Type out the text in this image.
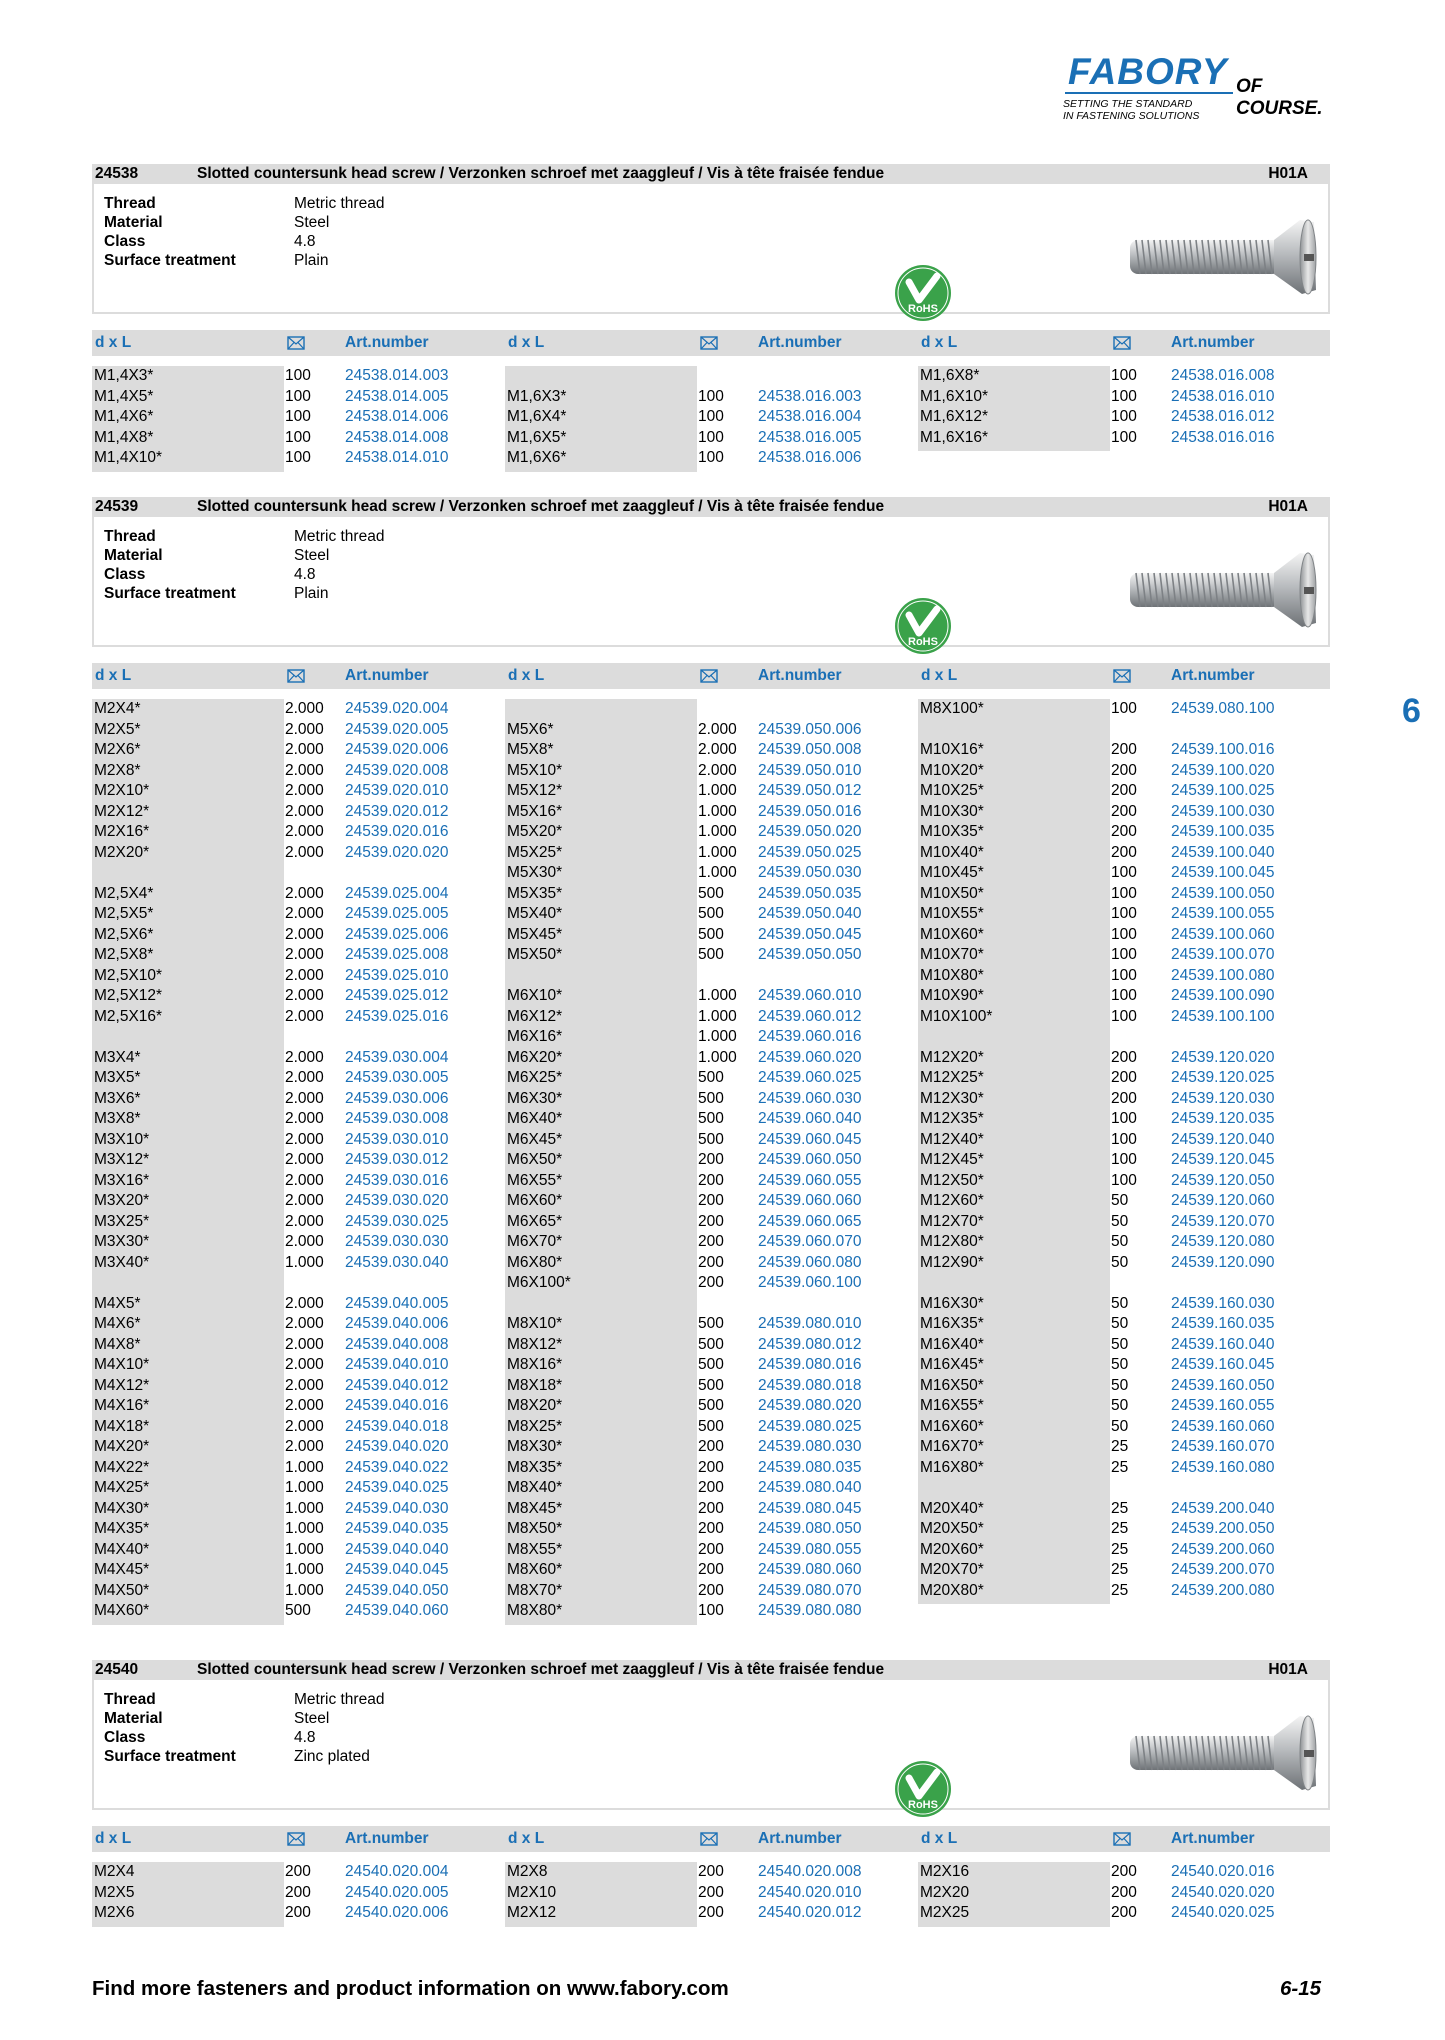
FABORY OF COURSE.
SETTING THE STANDARD
IN FASTENING SOLUTIONS
6
24538	Slotted countersunk head screw / Verzonken schroef met zaaggleuf / Vis à tête fraisée fendue	H01A
Thread	Metric thread
Material	Steel
Class	4.8
Surface treatment	Plain
RoHS
d x L	Art.number	d x L	Art.number	d x L	Art.number
M1,4X3*	100 24538.014.003
M1,4X5*	100 24538.014.005
M1,4X6*	100 24538.014.006
M1,4X8*	100 24538.014.008
M1,4X10*	100 24538.014.010
M1,6X3*	100 24538.016.003
M1,6X4*	100 24538.016.004
M1,6X5*	100 24538.016.005
M1,6X6*	100 24538.016.006
M1,6X8*	100 24538.016.008
M1,6X10*	100 24538.016.010
M1,6X12*	100 24538.016.012
M1,6X16*	100 24538.016.016
24539	Slotted countersunk head screw / Verzonken schroef met zaaggleuf / Vis à tête fraisée fendue	H01A
Thread	Metric thread
Material	Steel
Class	4.8
Surface treatment	Plain
RoHS
d x L	Art.number	d x L	Art.number	d x L	Art.number
M2X4*	2.000 24539.020.004
M2X5*	2.000 24539.020.005
M2X6*	2.000 24539.020.006
M2X8*	2.000 24539.020.008
M2X10*	2.000 24539.020.010
M2X12*	2.000 24539.020.012
M2X16*	2.000 24539.020.016
M2X20*	2.000 24539.020.020
M2,5X4*	2.000 24539.025.004
M2,5X5*	2.000 24539.025.005
M2,5X6*	2.000 24539.025.006
M2,5X8*	2.000 24539.025.008
M2,5X10*	2.000 24539.025.010
M2,5X12*	2.000 24539.025.012
M2,5X16*	2.000 24539.025.016
M3X4*	2.000 24539.030.004
M3X5*	2.000 24539.030.005
M3X6*	2.000 24539.030.006
M3X8*	2.000 24539.030.008
M3X10*	2.000 24539.030.010
M3X12*	2.000 24539.030.012
M3X16*	2.000 24539.030.016
M3X20*	2.000 24539.030.020
M3X25*	2.000 24539.030.025
M3X30*	2.000 24539.030.030
M3X40*	1.000 24539.030.040
M4X5*	2.000 24539.040.005
M4X6*	2.000 24539.040.006
M4X8*	2.000 24539.040.008
M4X10*	2.000 24539.040.010
M4X12*	2.000 24539.040.012
M4X16*	2.000 24539.040.016
M4X18*	2.000 24539.040.018
M4X20*	2.000 24539.040.020
M4X22*	1.000 24539.040.022
M4X25*	1.000 24539.040.025
M4X30*	1.000 24539.040.030
M4X35*	1.000 24539.040.035
M4X40*	1.000 24539.040.040
M4X45*	1.000 24539.040.045
M4X50*	1.000 24539.040.050
M4X60*	500 24539.040.060
M5X6*	2.000 24539.050.006
M5X8*	2.000 24539.050.008
M5X10*	2.000 24539.050.010
M5X12*	1.000 24539.050.012
M5X16*	1.000 24539.050.016
M5X20*	1.000 24539.050.020
M5X25*	1.000 24539.050.025
M5X30*	1.000 24539.050.030
M5X35*	500 24539.050.035
M5X40*	500 24539.050.040
M5X45*	500 24539.050.045
M5X50*	500 24539.050.050
M6X10*	1.000 24539.060.010
M6X12*	1.000 24539.060.012
M6X16*	1.000 24539.060.016
M6X20*	1.000 24539.060.020
M6X25*	500 24539.060.025
M6X30*	500 24539.060.030
M6X40*	500 24539.060.040
M6X45*	500 24539.060.045
M6X50*	200 24539.060.050
M6X55*	200 24539.060.055
M6X60*	200 24539.060.060
M6X65*	200 24539.060.065
M6X70*	200 24539.060.070
M6X80*	200 24539.060.080
M6X100*	200 24539.060.100
M8X10*	500 24539.080.010
M8X12*	500 24539.080.012
M8X16*	500 24539.080.016
M8X18*	500 24539.080.018
M8X20*	500 24539.080.020
M8X25*	500 24539.080.025
M8X30*	200 24539.080.030
M8X35*	200 24539.080.035
M8X40*	200 24539.080.040
M8X45*	200 24539.080.045
M8X50*	200 24539.080.050
M8X55*	200 24539.080.055
M8X60*	200 24539.080.060
M8X70*	200 24539.080.070
M8X80*	100 24539.080.080
M8X100*	100 24539.080.100
M10X16*	200 24539.100.016
M10X20*	200 24539.100.020
M10X25*	200 24539.100.025
M10X30*	200 24539.100.030
M10X35*	200 24539.100.035
M10X40*	200 24539.100.040
M10X45*	100 24539.100.045
M10X50*	100 24539.100.050
M10X55*	100 24539.100.055
M10X60*	100 24539.100.060
M10X70*	100 24539.100.070
M10X80*	100 24539.100.080
M10X90*	100 24539.100.090
M10X100*	100 24539.100.100
M12X20*	200 24539.120.020
M12X25*	200 24539.120.025
M12X30*	200 24539.120.030
M12X35*	100 24539.120.035
M12X40*	100 24539.120.040
M12X45*	100 24539.120.045
M12X50*	100 24539.120.050
M12X60*	50	24539.120.060
M12X70*	50	24539.120.070
M12X80*	50	24539.120.080
M12X90*	50	24539.120.090
M16X30*	50	24539.160.030
M16X35*	50	24539.160.035
M16X40*	50	24539.160.040
M16X45*	50	24539.160.045
M16X50*	50	24539.160.050
M16X55*	50	24539.160.055
M16X60*	50	24539.160.060
M16X70*	25	24539.160.070
M16X80*	25	24539.160.080
M20X40*	25	24539.200.040
M20X50*	25	24539.200.050
M20X60*	25	24539.200.060
M20X70*	25	24539.200.070
M20X80*	25	24539.200.080
24540	Slotted countersunk head screw / Verzonken schroef met zaaggleuf / Vis à tête fraisée fendue	H01A
Thread	Metric thread
Material	Steel
Class	4.8
Surface treatment	Zinc plated
RoHS
d x L	Art.number	d x L	Art.number	d x L	Art.number
M2X4	200 24540.020.004
M2X5	200 24540.020.005
M2X6	200 24540.020.006
M2X8	200 24540.020.008
M2X10	200 24540.020.010
M2X12	200 24540.020.012
M2X16	200 24540.020.016
M2X20	200 24540.020.020
M2X25	200 24540.020.025
Find more fasteners and product information on www.fabory.com	6-15
